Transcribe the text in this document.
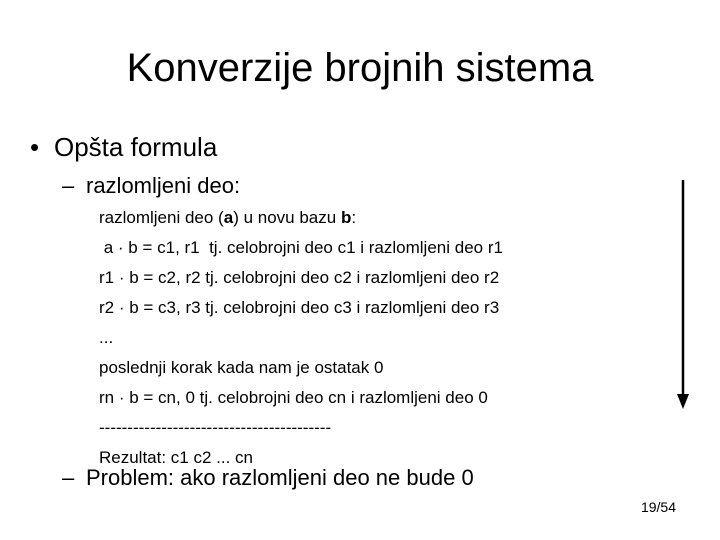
Konverzije brojnih sistema
• Opšta formula
– razlomljeni deo:
razlomljeni deo (a) u novu bazu b:
a · b = c1, r1  tj. celobrojni deo c1 i razlomljeni deo r1
r1 · b = c2, r2 tj. celobrojni deo c2 i razlomljeni deo r2
r2 · b = c3, r3 tj. celobrojni deo c3 i razlomljeni deo r3
...
poslednji korak kada nam je ostatak 0
rn · b = cn, 0 tj. celobrojni deo cn i razlomljeni deo 0
-----------------------------------------
Rezultat: c1 c2 ... cn
– Problem: ako razlomljeni deo ne bude 0
19/54
